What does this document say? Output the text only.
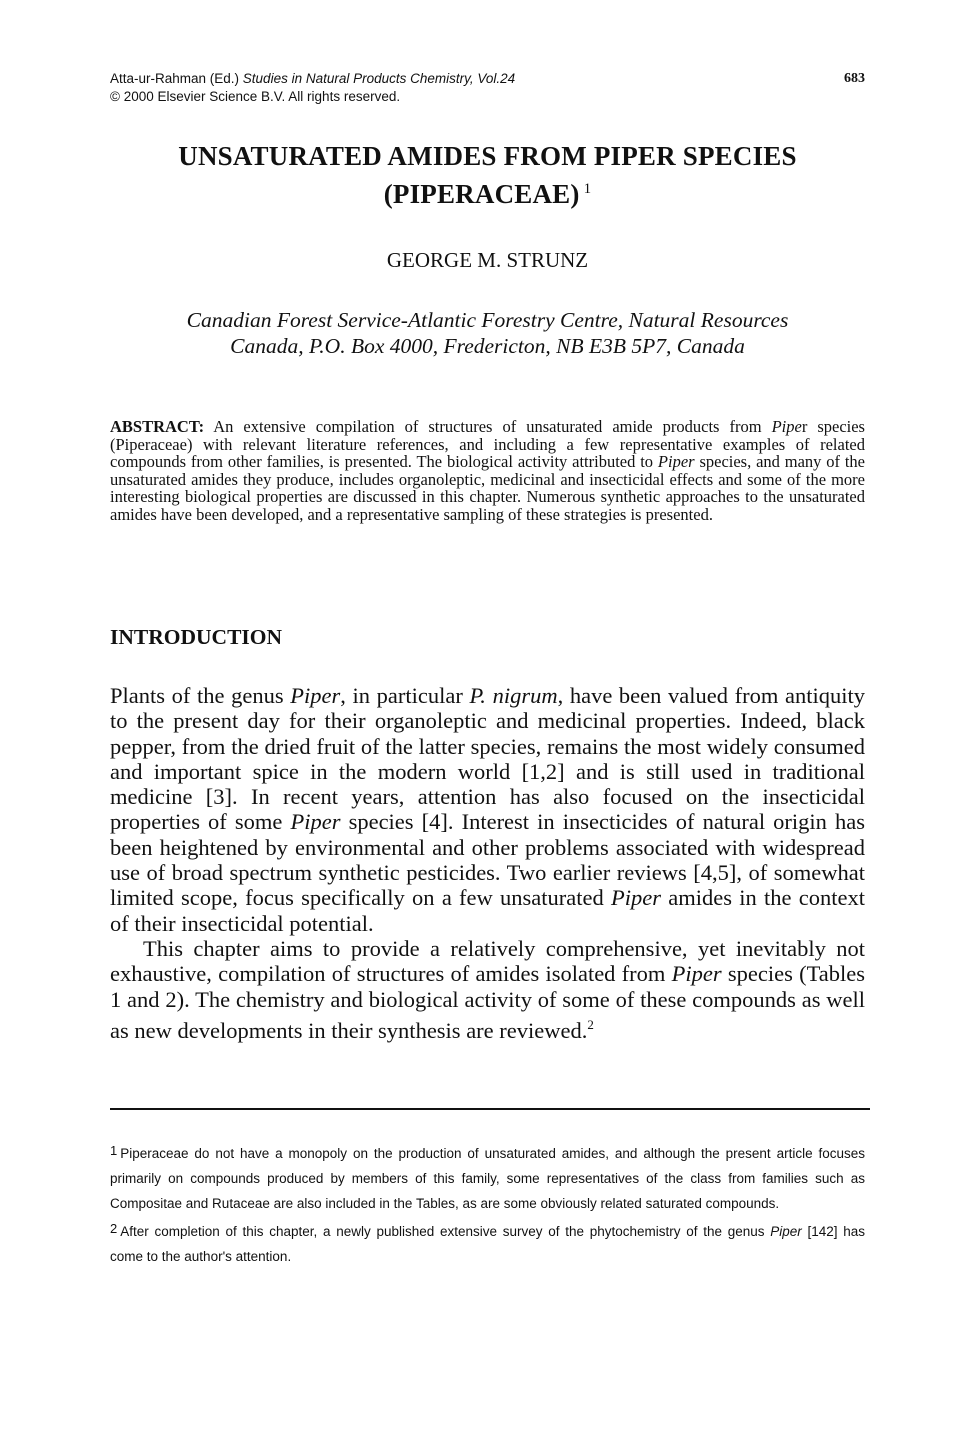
Atta-ur-Rahman (Ed.) Studies in Natural Products Chemistry, Vol.24
© 2000 Elsevier Science B.V. All rights reserved.
683
UNSATURATED AMIDES FROM PIPER SPECIES
(PIPERACEAE) $^1$
GEORGE M. STRUNZ
Canadian Forest Service-Atlantic Forestry Centre, Natural Resources
Canada, P.O. Box 4000, Fredericton, NB E3B 5P7, Canada
ABSTRACT: An extensive compilation of structures of unsaturated amide products from Piper species (Piperaceae) with relevant literature references, and including a few representative examples of related compounds from other families, is presented. The biological activity attributed to Piper species, and many of the unsaturated amides they produce, includes organoleptic, medicinal and insecticidal effects and some of the more interesting biological properties are discussed in this chapter. Numerous synthetic approaches to the unsaturated amides have been developed, and a representative sampling of these strategies is presented.
INTRODUCTION

Plants of the genus Piper, in particular P. nigrum, have been valued from antiquity to the present day for their organoleptic and medicinal properties. Indeed, black pepper, from the dried fruit of the latter species, remains the most widely consumed and important spice in the modern world [1,2] and is still used in traditional medicine [3]. In recent years, attention has also focused on the insecticidal properties of some Piper species [4]. Interest in insecticides of natural origin has been heightened by environmental and other problems associated with widespread use of broad spectrum synthetic pesticides. Two earlier reviews [4,5], of somewhat limited scope, focus specifically on a few unsaturated Piper amides in the context of their insecticidal potential.

This chapter aims to provide a relatively comprehensive, yet inevitably not exhaustive, compilation of structures of amides isolated from Piper species (Tables 1 and 2). The chemistry and biological activity of some of these compounds as well as new developments in their synthesis are reviewed.$^2$

$^1$ Piperaceae do not have a monopoly on the production of unsaturated amides, and although the present article focuses primarily on compounds produced by members of this family, some representatives of the class from families such as Compositae and Rutaceae are also included in the Tables, as are some obviously related saturated compounds.

$^2$ After completion of this chapter, a newly published extensive survey of the phytochemistry of the genus Piper [142] has come to the author's attention.
